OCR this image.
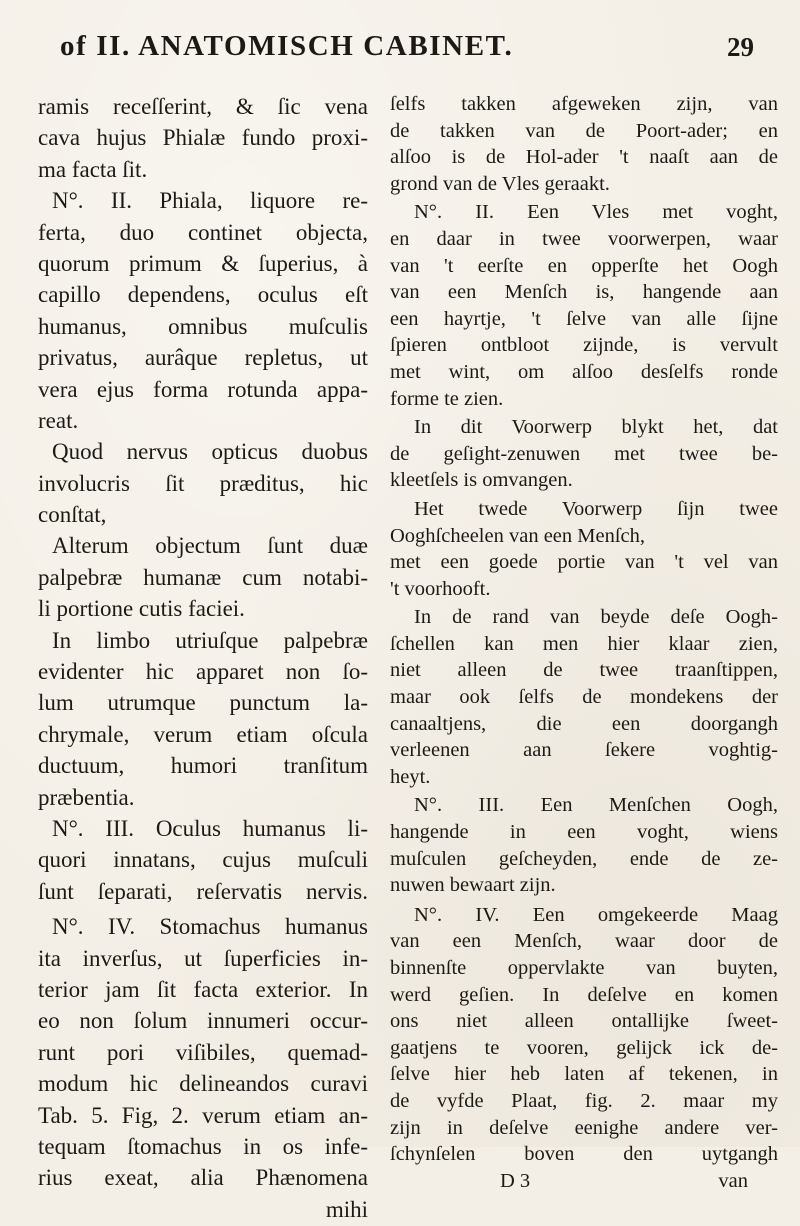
of II. ANATOMISCH CABINET.	29
ramis receſſerint, & ſic vena
cava hujus Phialæ fundo proxi-
ma facta ſit.
N°. II. Phiala, liquore re-
ferta, duo continet objecta,
quorum primum & ſuperius, à
capillo dependens, oculus eſt
humanus, omnibus muſculis
privatus, aurâque repletus, ut
vera ejus forma rotunda appa-
reat.
Quod nervus opticus duobus
involucris ſit præditus, hic
conſtat,
Alterum objectum ſunt duæ
palpebræ humanæ cum notabi-
li portione cutis faciei.
In limbo utriuſque palpebræ
evidenter hic apparet non ſo-
lum utrumque punctum la-
chrymale, verum etiam oſcula
ductuum, humori tranſitum
præbentia.
N°. III. Oculus humanus li-
quori innatans, cujus muſculi
ſunt ſeparati, reſervatis nervis.
N°. IV. Stomachus humanus
ita inverſus, ut ſuperficies in-
terior jam ſit facta exterior. In
eo non ſolum innumeri occur-
runt pori viſibiles, quemad-
modum hic delineandos curavi
Tab. 5. Fig, 2. verum etiam an-
tequam ſtomachus in os infe-
rius exeat, alia Phænomena
mihi
ſelfs takken afgeweken zijn, van
de takken van de Poort-ader; en
alſoo is de Hol-ader 't naaſt aan de
grond van de Vles geraakt.
N°. II. Een Vles met voght,
en daar in twee voorwerpen, waar
van 't eerſte en opperſte het Oogh
van een Menſch is, hangende aan
een hayrtje, 't ſelve van alle ſijne
ſpieren ontbloot zijnde, is vervult
met wint, om alſoo desſelfs ronde
forme te zien.
In dit Voorwerp blykt het, dat
de geſight-zenuwen met twee be-
kleetſels is omvangen.
Het twede Voorwerp ſijn twee
Ooghſcheelen van een Menſch,
met een goede portie van 't vel van
't voorhooft.
In de rand van beyde deſe Oogh-
ſchellen kan men hier klaar zien,
niet alleen de twee traanſtippen,
maar ook ſelfs de mondekens der
canaaltjens, die een doorgangh
verleenen aan ſekere voghtig-
heyt.
N°. III. Een Menſchen Oogh,
hangende in een voght, wiens
muſculen geſcheyden, ende de ze-
nuwen bewaart zijn.
N°. IV. Een omgekeerde Maag
van een Menſch, waar door de
binnenſte oppervlakte van buyten,
werd geſien. In deſelve en komen
ons niet alleen ontallijke ſweet-
gaatjens te vooren, gelijck ick de-
ſelve hier heb laten af tekenen, in
de vyfde Plaat, fig. 2. maar my
zijn in deſelve eenighe andere ver-
ſchynſelen boven den uytgangh
D 3	van
